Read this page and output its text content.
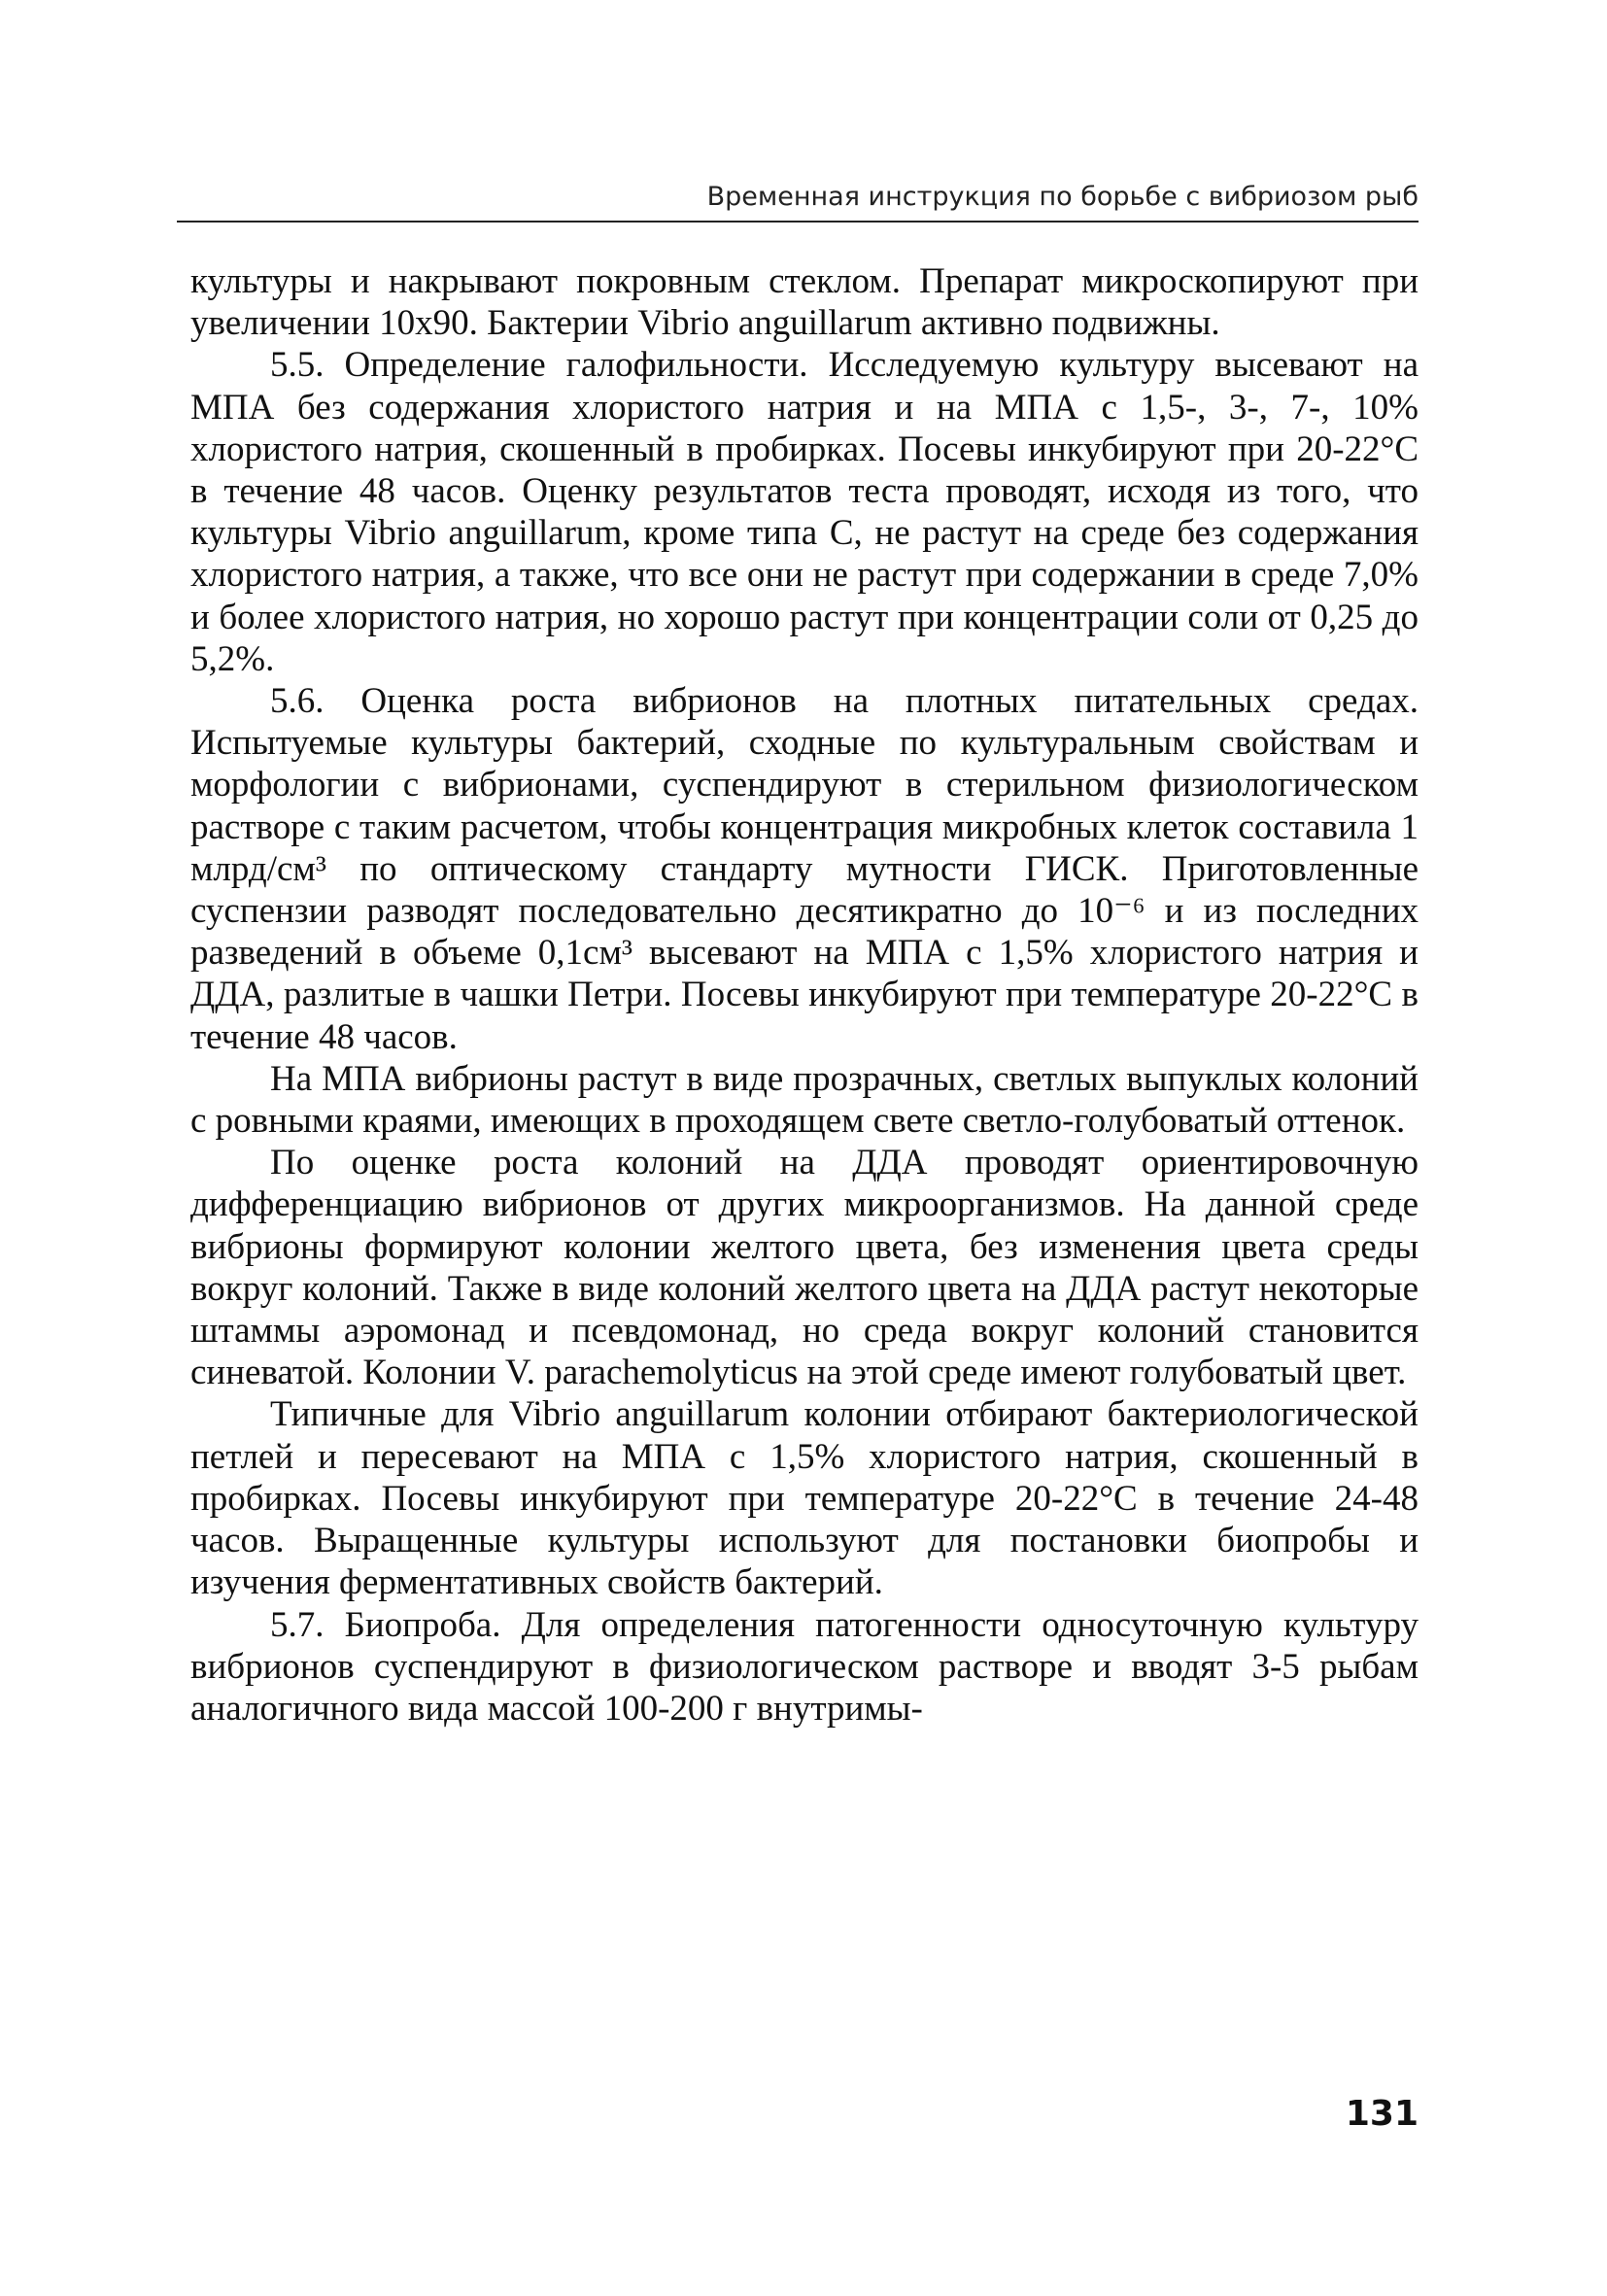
Временная инструкция по борьбе с вибриозом рыб

культуры и накрывают покровным стеклом. Препарат микроскопируют при увеличении 10х90. Бактерии Vibrio anguillarum активно подвижны.

5.5. Определение галофильности. Исследуемую культуру высевают на МПА без содержания хлористого натрия и на МПА с 1,5-, 3-, 7-, 10% хлористого натрия, скошенный в пробирках. Посевы инкубируют при 20-22°С в течение 48 часов. Оценку результатов теста проводят, исходя из того, что культуры Vibrio anguillarum, кроме типа С, не растут на среде без содержания хлористого натрия, а также, что все они не растут при содержании в среде 7,0% и более хлористого натрия, но хорошо растут при концентрации соли от 0,25 до 5,2%.

5.6. Оценка роста вибрионов на плотных питательных средах. Испытуемые культуры бактерий, сходные по культуральным свойствам и морфологии с вибрионами, суспендируют в стерильном физиологическом растворе с таким расчетом, чтобы концентрация микробных клеток составила 1 млрд/см³ по оптическому стандарту мутности ГИСК. Приготовленные суспензии разводят последовательно десятикратно до 10⁻⁶ и из последних разведений в объеме 0,1см³ высевают на МПА с 1,5% хлористого натрия и ДДА, разлитые в чашки Петри. Посевы инкубируют при температуре 20-22°С в течение 48 часов.

На МПА вибрионы растут в виде прозрачных, светлых выпуклых колоний с ровными краями, имеющих в проходящем свете светло-голубоватый оттенок.

По оценке роста колоний на ДДА проводят ориентировочную дифференциацию вибрионов от других микроорганизмов. На данной среде вибрионы формируют колонии желтого цвета, без изменения цвета среды вокруг колоний. Также в виде колоний желтого цвета на ДДА растут некоторые штаммы аэромонад и псевдомонад, но среда вокруг колоний становится синеватой. Колонии V. parachemolyticus на этой среде имеют голубоватый цвет.

Типичные для Vibrio anguillarum колонии отбирают бактериологической петлей и пересевают на МПА с 1,5% хлористого натрия, скошенный в пробирках. Посевы инкубируют при температуре 20-22°С в течение 24-48 часов. Выращенные культуры используют для постановки биопробы и изучения ферментативных свойств бактерий.

5.7. Биопроба. Для определения патогенности односуточную культуру вибрионов суспендируют в физиологическом растворе и вводят 3-5 рыбам аналогичного вида массой 100-200 г внутримы-

131
